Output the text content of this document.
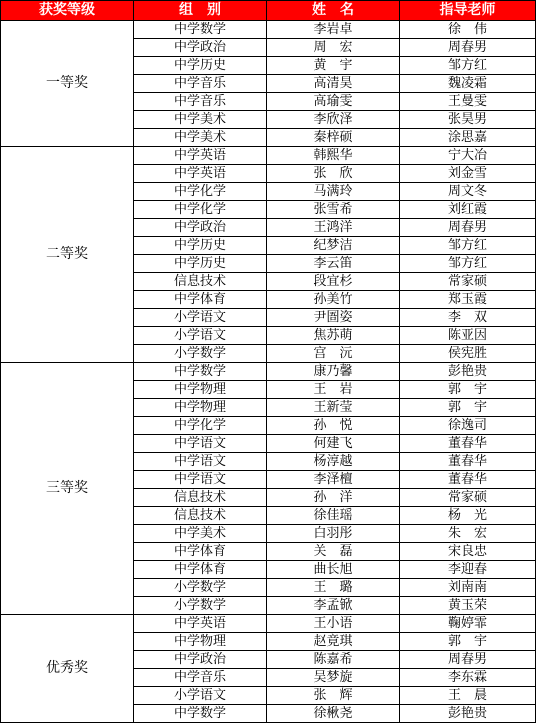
获奖等级	组　别	姓　名	指导老师
一等奖	中学数学	李岩卓	徐　伟
	中学政治	周　宏	周春男
	中学历史	黄　宇	邹方红
	中学音乐	高清昊	魏凌霜
	中学音乐	高瑜雯	王曼雯
	中学美术	李欣泽	张昊男
	中学美术	秦梓硕	涂思嘉
二等奖	中学英语	韩熙华	宁大冶
	中学英语	张　欣	刘金雪
	中学化学	马满玲	周文冬
	中学化学	张雪希	刘红霞
	中学政治	王鸿洋	周春男
	中学历史	纪梦洁	邹方红
	中学历史	李云笛	邹方红
	信息技术	段宜杉	常家硕
	中学体育	孙美竹	郑玉霞
	小学语文	尹圄姿	李　双
	小学语文	焦苏萌	陈亚因
	小学数学	宫　沅	侯宪胜
三等奖	中学数学	康乃馨	彭艳贵
	中学物理	王　岩	郭　宇
	中学物理	王新莹	郭　宇
	中学化学	孙　悦	徐逸司
	中学语文	何建飞	董春华
	中学语文	杨淳越	董春华
	中学语文	李泽檀	董春华
	信息技术	孙　洋	常家硕
	信息技术	徐佳瑶	杨　光
	中学美术	白羽彤	朱　宏
	中学体育	关　磊	宋良忠
	中学体育	曲长旭	李迎春
	小学数学	王　璐	刘南南
	小学数学	李孟锨	黄玉荣
优秀奖	中学英语	王小语	鞠婷霏
	中学物理	赵竟琪	郭　宇
	中学政治	陈嘉希	周春男
	中学音乐	吴梦旋	李东霖
	小学语文	张　辉	王　晨
	中学数学	徐楸尧	彭艳贵
